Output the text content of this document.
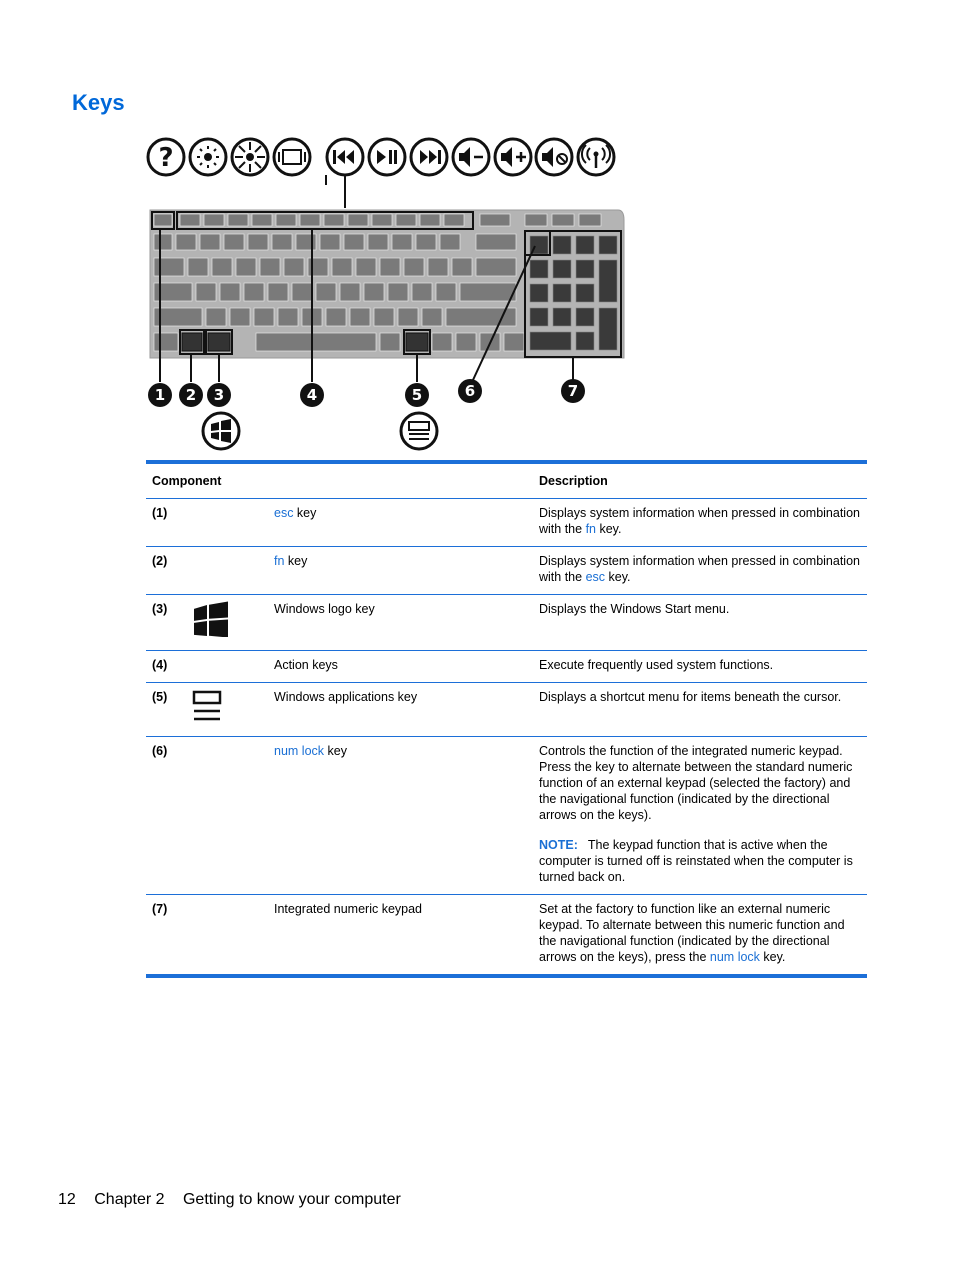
Keys
?
1 2 3	4	5	6	7
Component			Description
(1)		esc key	Displays system information when pressed in combination with the fn key.
(2)		fn key	Displays system information when pressed in combination with the esc key.
(3)		Windows logo key	Displays the Windows Start menu.
(4)		Action keys	Execute frequently used system functions.
(5)		Windows applications key	Displays a shortcut menu for items beneath the cursor.
(6)		num lock key	Controls the function of the integrated numeric keypad. Press the key to alternate between the standard numeric function of an external keypad (selected the factory) and the navigational function (indicated by the directional arrows on the keys).
NOTE: The keypad function that is active when the computer is turned off is reinstated when the computer is turned back on.

(7)		Integrated numeric keypad	Set at the factory to function like an external numeric keypad. To alternate between this numeric function and the navigational function (indicated by the directional arrows on the keys), press the num lock key.
12 Chapter 2 Getting to know your computer
